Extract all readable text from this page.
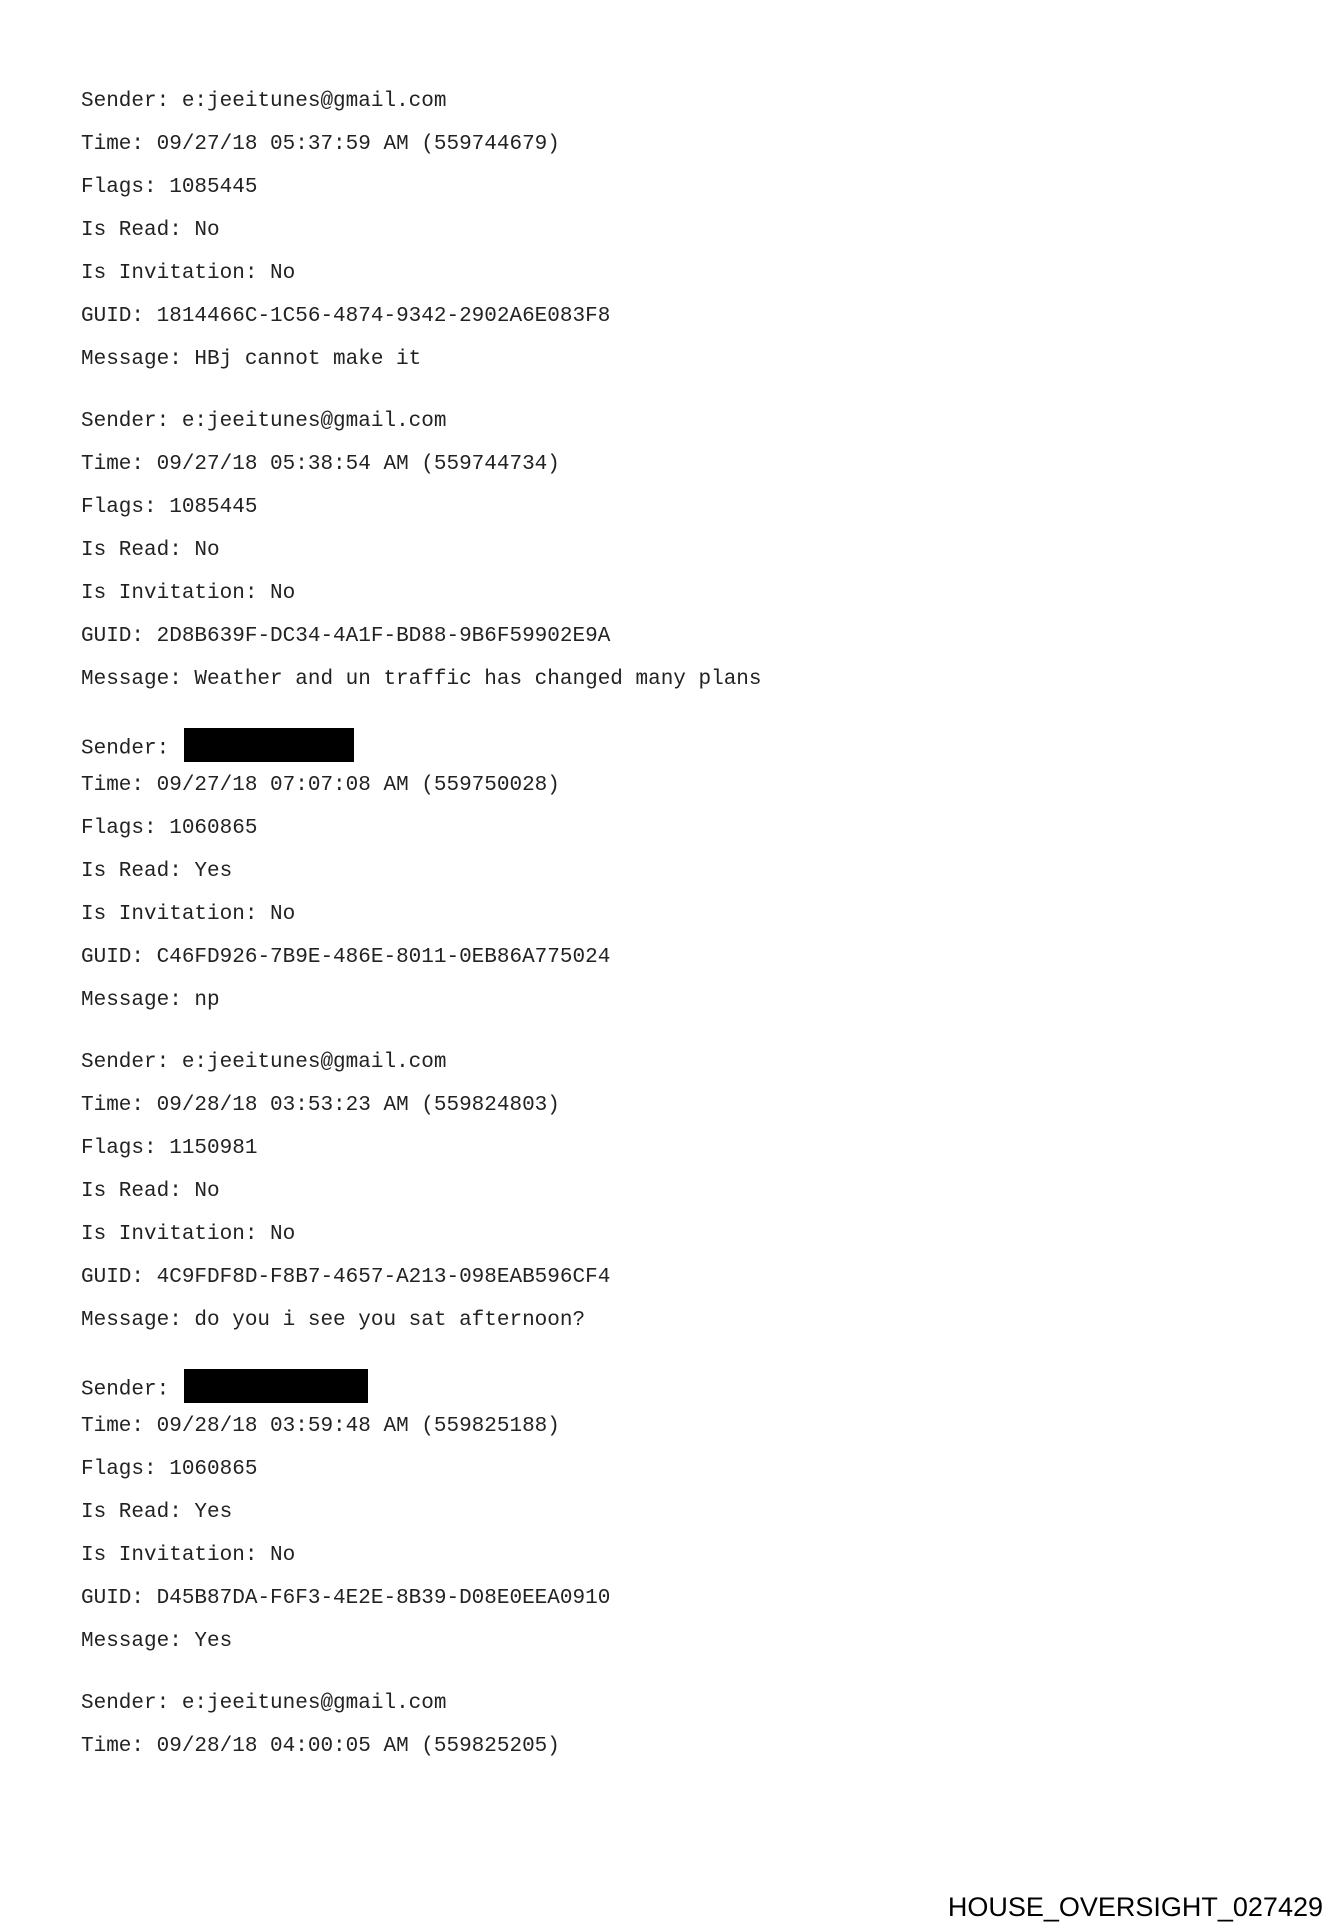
Sender: e:jeeitunes@gmail.com
Time: 09/27/18 05:37:59 AM (559744679)
Flags: 1085445
Is Read: No
Is Invitation: No
GUID: 1814466C-1C56-4874-9342-2902A6E083F8
Message: HBj cannot make it
Sender: e:jeeitunes@gmail.com
Time: 09/27/18 05:38:54 AM (559744734)
Flags: 1085445
Is Read: No
Is Invitation: No
GUID: 2D8B639F-DC34-4A1F-BD88-9B6F59902E9A
Message: Weather and un traffic has changed many plans
Sender:
Time: 09/27/18 07:07:08 AM (559750028)
Flags: 1060865
Is Read: Yes
Is Invitation: No
GUID: C46FD926-7B9E-486E-8011-0EB86A775024
Message: np
Sender: e:jeeitunes@gmail.com
Time: 09/28/18 03:53:23 AM (559824803)
Flags: 1150981
Is Read: No
Is Invitation: No
GUID: 4C9FDF8D-F8B7-4657-A213-098EAB596CF4
Message: do you i see you sat afternoon?
Sender:
Time: 09/28/18 03:59:48 AM (559825188)
Flags: 1060865
Is Read: Yes
Is Invitation: No
GUID: D45B87DA-F6F3-4E2E-8B39-D08E0EEA0910
Message: Yes
Sender: e:jeeitunes@gmail.com
Time: 09/28/18 04:00:05 AM (559825205)
HOUSE_OVERSIGHT_027429
